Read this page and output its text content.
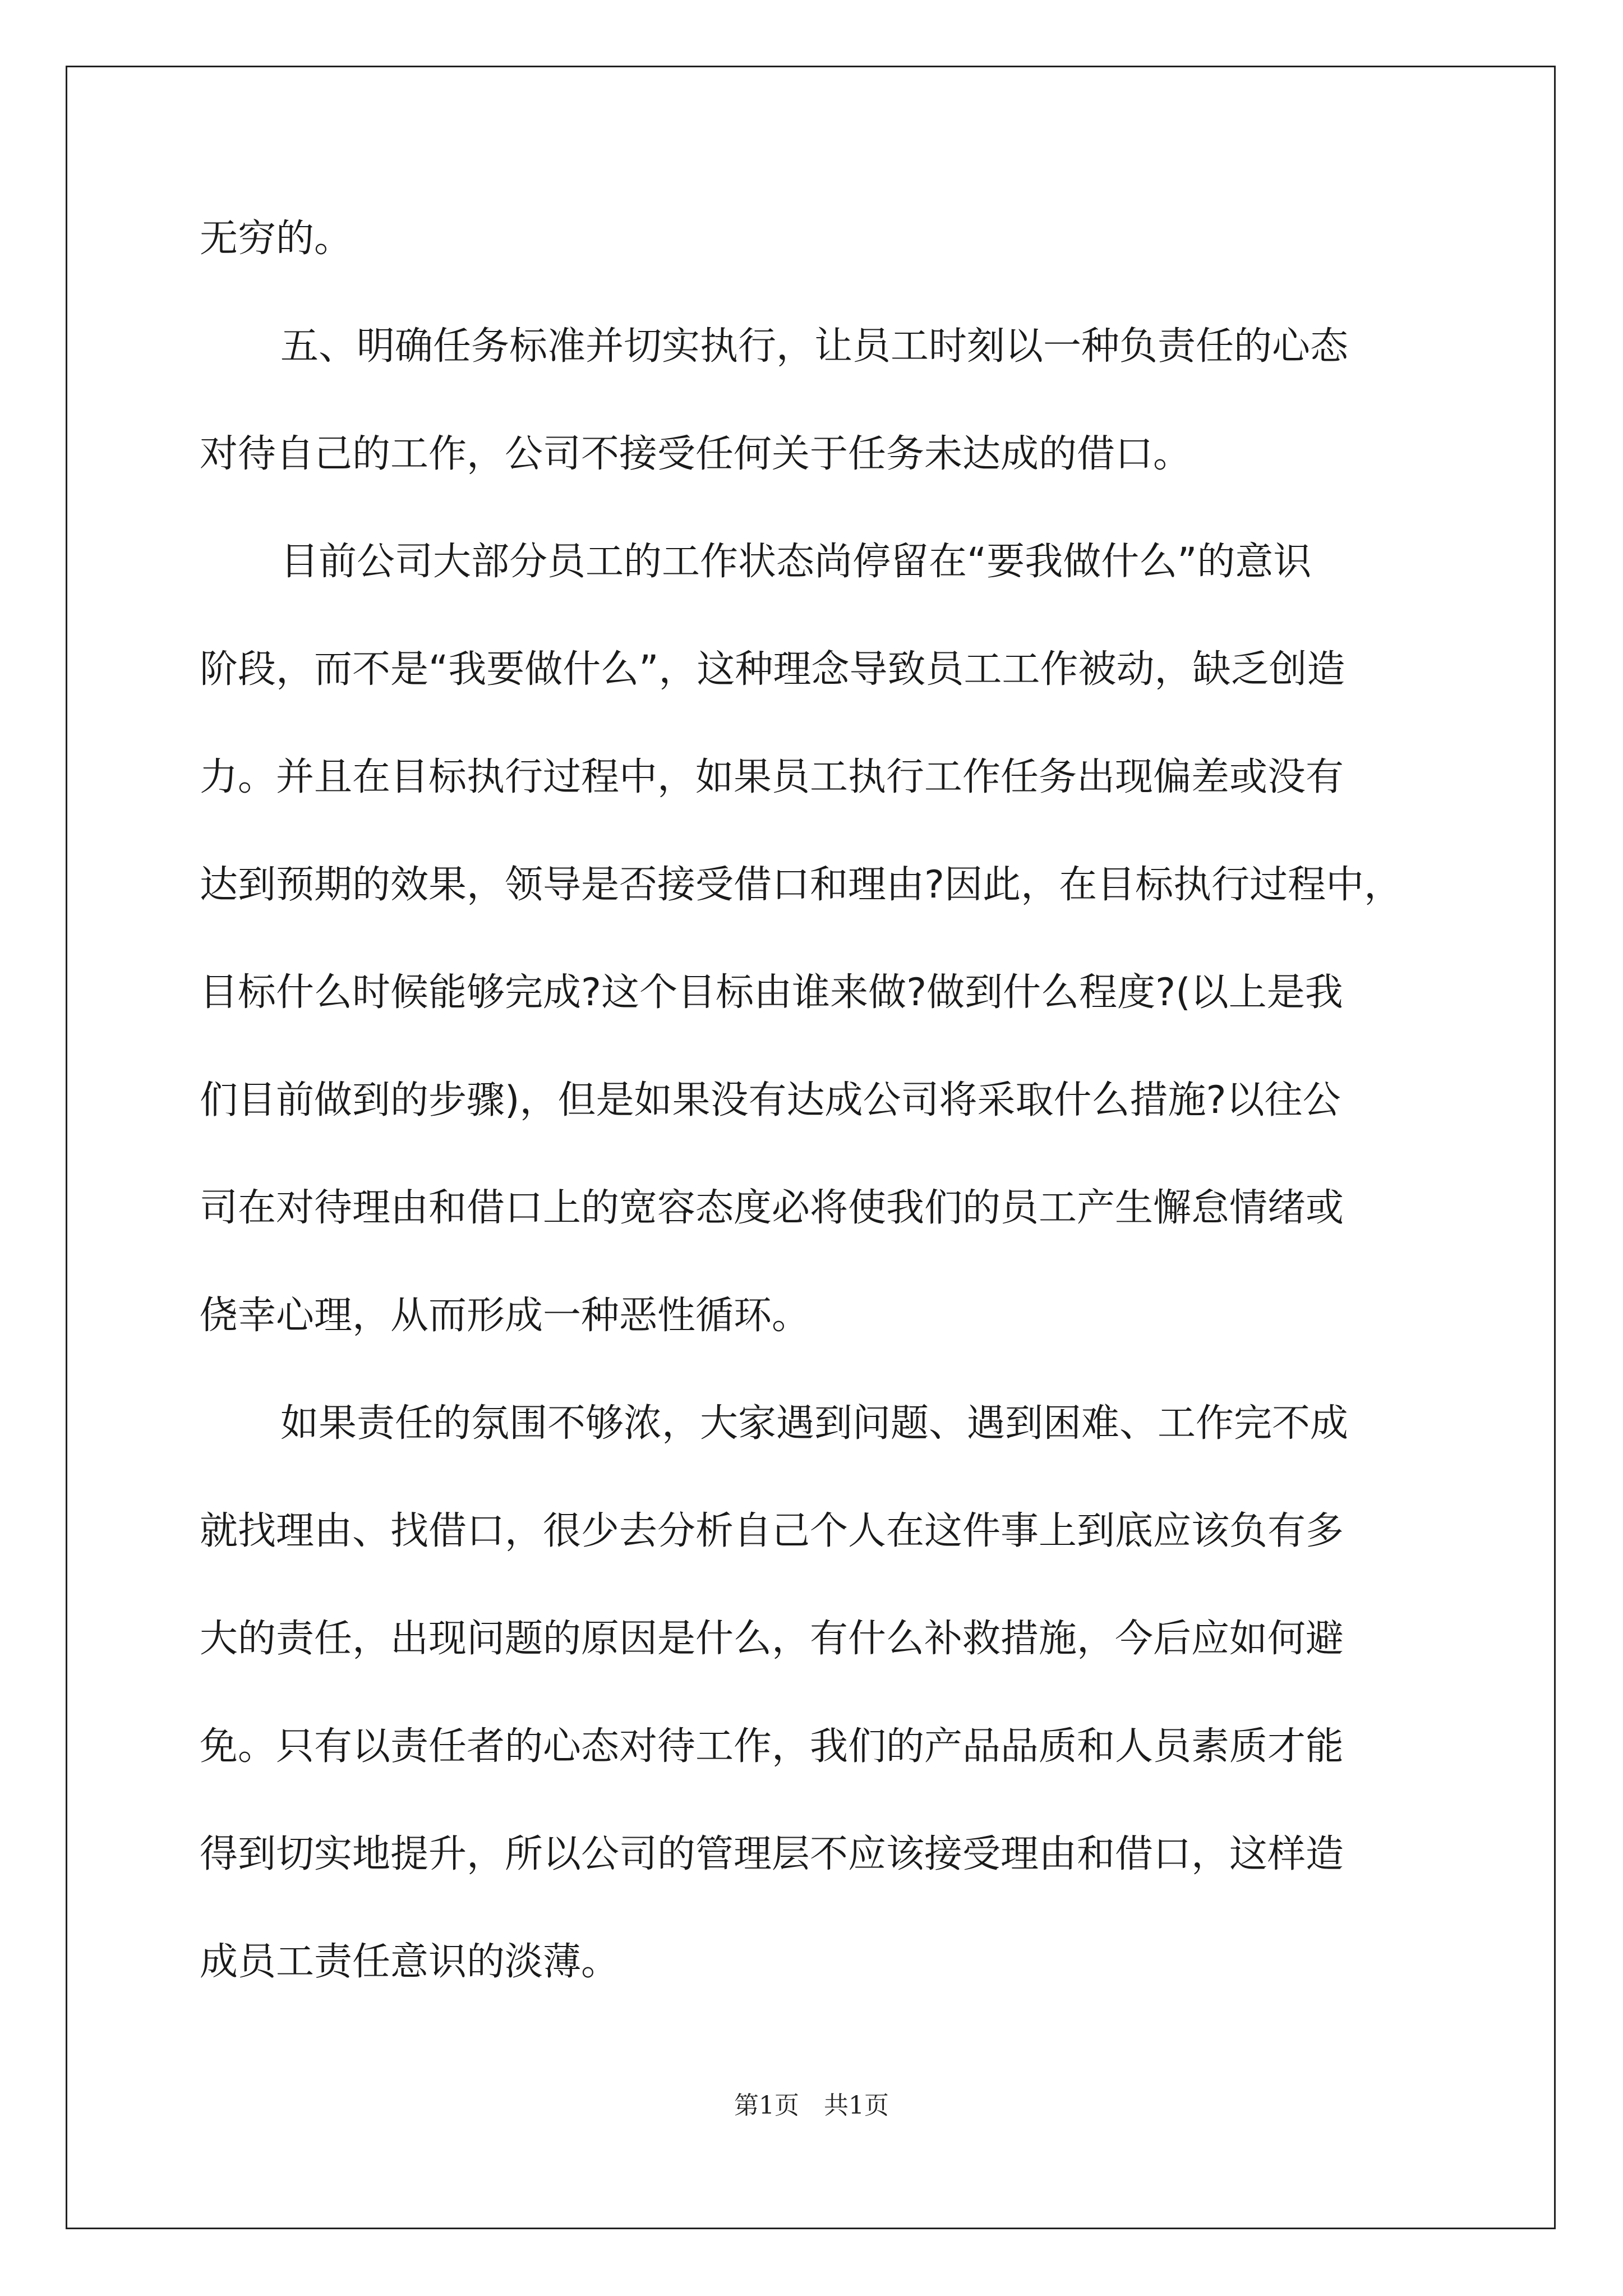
无穷的。
五、明确任务标准并切实执行，让员工时刻以一种负责任的心态
对待自己的工作，公司不接受任何关于任务未达成的借口。
目前公司大部分员工的工作状态尚停留在“要我做什么”的意识
阶段，而不是“我要做什么”，这种理念导致员工工作被动，缺乏创造
力。并且在目标执行过程中，如果员工执行工作任务出现偏差或没有
达到预期的效果，领导是否接受借口和理由?因此，在目标执行过程中，
目标什么时候能够完成?这个目标由谁来做?做到什么程度?(以上是我
们目前做到的步骤)，但是如果没有达成公司将采取什么措施?以往公
司在对待理由和借口上的宽容态度必将使我们的员工产生懈怠情绪或
侥幸心理，从而形成一种恶性循环。
如果责任的氛围不够浓，大家遇到问题、遇到困难、工作完不成
就找理由、找借口，很少去分析自己个人在这件事上到底应该负有多
大的责任，出现问题的原因是什么，有什么补救措施，今后应如何避
免。只有以责任者的心态对待工作，我们的产品品质和人员素质才能
得到切实地提升，所以公司的管理层不应该接受理由和借口，这样造
成员工责任意识的淡薄。
第1页　共1页
